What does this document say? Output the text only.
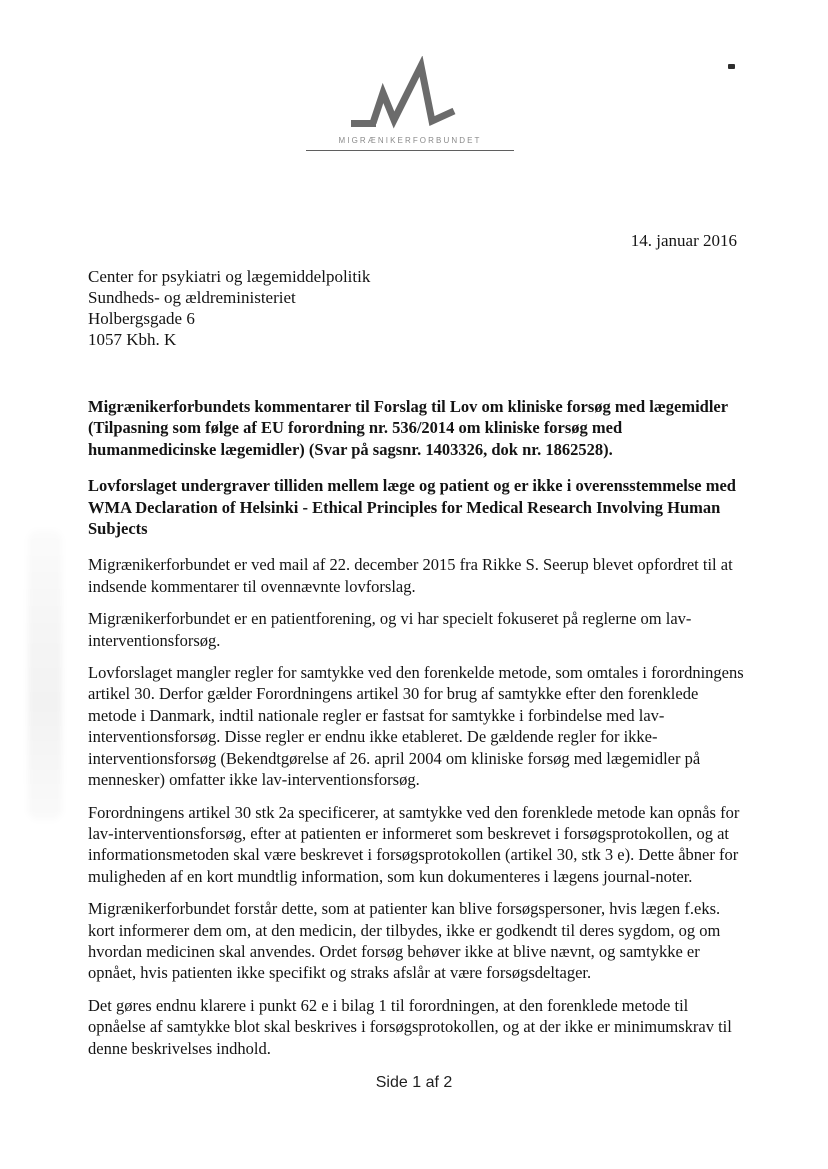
MIGRÆNIKERFORBUNDET
14. januar 2016
Center for psykiatri og lægemiddelpolitik
Sundheds- og ældreministeriet
Holbergsgade 6
1057 Kbh. K
Migrænikerforbundets kommentarer til Forslag til Lov om kliniske forsøg med lægemidler (Tilpasning som følge af EU forordning nr. 536/2014 om kliniske forsøg med humanmedicinske lægemidler) (Svar på sagsnr. 1403326, dok nr. 1862528).
Lovforslaget undergraver tilliden mellem læge og patient og er ikke i overensstemmelse med WMA Declaration of Helsinki - Ethical Principles for Medical Research Involving Human Subjects

Migrænikerforbundet er ved mail af 22. december 2015 fra Rikke S. Seerup blevet opfordret til at indsende kommentarer til ovennævnte lovforslag.

Migrænikerforbundet er en patientforening, og vi har specielt fokuseret på reglerne om lav-interventionsforsøg.

Lovforslaget mangler regler for samtykke ved den forenkelde metode, som omtales i forordningens artikel 30. Derfor gælder Forordningens artikel 30 for brug af samtykke efter den forenklede metode i Danmark, indtil nationale regler er fastsat for samtykke i forbindelse med lav-interventionsforsøg. Disse regler er endnu ikke etableret. De gældende regler for ikke-interventionsforsøg (Bekendtgørelse af 26. april 2004 om kliniske forsøg med lægemidler på mennesker) omfatter ikke lav-interventionsforsøg.

Forordningens artikel 30 stk 2a specificerer, at samtykke ved den forenklede metode kan opnås for lav-interventionsforsøg, efter at patienten er informeret som beskrevet i forsøgsprotokollen, og at informationsmetoden skal være beskrevet i forsøgsprotokollen (artikel 30, stk 3 e). Dette åbner for muligheden af en kort mundtlig information, som kun dokumenteres i lægens journal-noter.

Migrænikerforbundet forstår dette, som at patienter kan blive forsøgspersoner, hvis lægen f.eks. kort informerer dem om, at den medicin, der tilbydes, ikke er godkendt til deres sygdom, og om hvordan medicinen skal anvendes. Ordet forsøg behøver ikke at blive nævnt, og samtykke er opnået, hvis patienten ikke specifikt og straks afslår at være forsøgsdeltager.

Det gøres endnu klarere i punkt 62 e i bilag 1 til forordningen, at den forenklede metode til opnåelse af samtykke blot skal beskrives i forsøgsprotokollen, og at der ikke er minimumskrav til denne beskrivelses indhold.

Side 1 af 2
